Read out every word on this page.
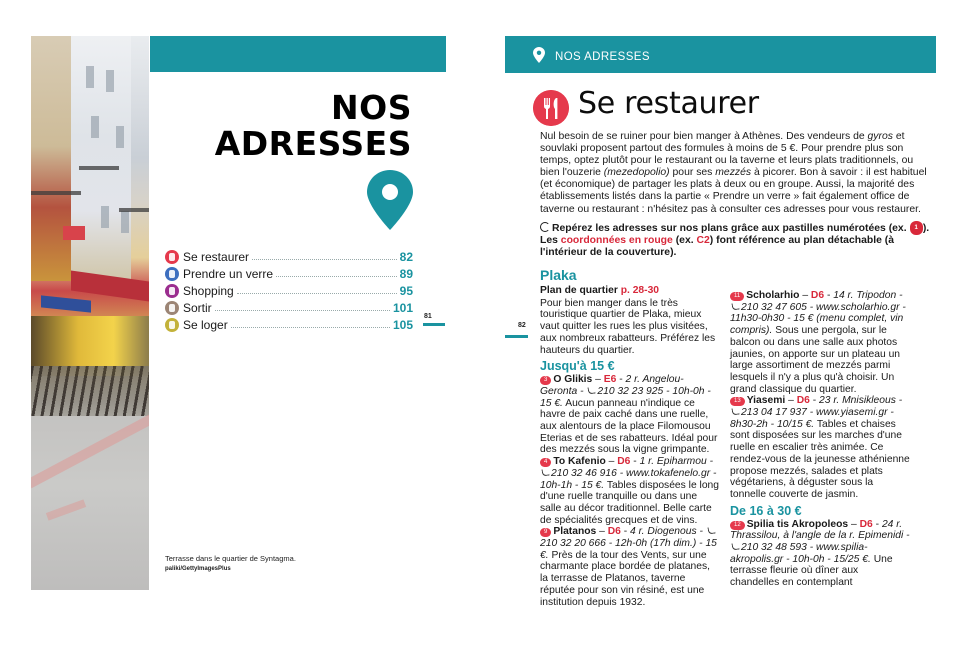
NOS
ADRESSES
Se restaurer	82
Prendre un verre	89
Shopping	95
Sortir	101
Se loger	105
81
Terrasse dans le quartier de Syntagma.
paliki/GettyImagesPlus
NOS ADRESSES
Se restaurer
Nul besoin de se ruiner pour bien manger à Athènes. Des vendeurs de gyros et souvlaki proposent partout des formules à moins de 5 €. Pour prendre plus son temps, optez plutôt pour le restaurant ou la taverne et leurs plats traditionnels, ou bien l'ouzerie (mezedopolio) pour ses mezzés à picorer. Bon à savoir : il est habituel (et économique) de partager les plats à deux ou en groupe. Aussi, la majorité des établissements listés dans la partie « Prendre un verre » fait également office de taverne ou restaurant : n'hésitez pas à consulter ces adresses pour vous restaurer.
Repérez les adresses sur nos plans grâce aux pastilles numérotées (ex. 1 ). Les coordonnées en rouge (ex. C2) font référence au plan détachable (à l'intérieur de la couverture).
Plaka
Plan de quartier p. 28-30
Pour bien manger dans le très touristique quartier de Plaka, mieux vaut quitter les rues les plus visitées, aux nombreux rabatteurs. Préférez les hauteurs du quartier.
Jusqu'à 15 €
3 O Glikis – E6 - 2 r. Angelou-Geronta - 210 32 23 925 - 10h-0h - 15 €. Aucun panneau n'indique ce havre de paix caché dans une ruelle, aux alentours de la place Filomousou Eterias et de ses rabatteurs. Idéal pour des mezzés sous la vigne grimpante.
4 To Kafenio – D6 - 1 r. Epiharmou - 210 32 46 916 - www.tokafenelo.gr - 10h-1h - 15 €. Tables disposées le long d'une ruelle tranquille ou dans une salle au décor traditionnel. Belle carte de spécialités grecques et de vins.
9 Platanos – D6 - 4 r. Diogenous - 210 32 20 666 - 12h-0h (17h dim.) - 15 €. Près de la tour des Vents, sur une charmante place bordée de platanes, la terrasse de Platanos, taverne réputée pour son vin résiné, est une institution depuis 1932.
11 Scholarhio – D6 - 14 r. Tripodon - 210 32 47 605 - www.scholarhio.gr - 11h30-0h30 - 15 € (menu complet, vin compris). Sous une pergola, sur le balcon ou dans une salle aux photos jaunies, on apporte sur un plateau un large assortiment de mezzés parmi lesquels il n'y a plus qu'à choisir. Un grand classique du quartier.
13 Yiasemi – D6 - 23 r. Mnisikleous - 213 04 17 937 - www.yiasemi.gr - 8h30-2h - 10/15 €. Tables et chaises sont disposées sur les marches d'une ruelle en escalier très animée. Ce rendez-vous de la jeunesse athénienne propose mezzés, salades et plats végétariens, à déguster sous la tonnelle couverte de jasmin.
De 16 à 30 €
12 Spilia tis Akropoleos – D6 - 24 r. Thrassilou, à l'angle de la r. Epimenidi - 210 32 48 593 - www.spilia-akropolis.gr - 10h-0h - 15/25 €. Une terrasse fleurie où dîner aux chandelles en contemplant
82
